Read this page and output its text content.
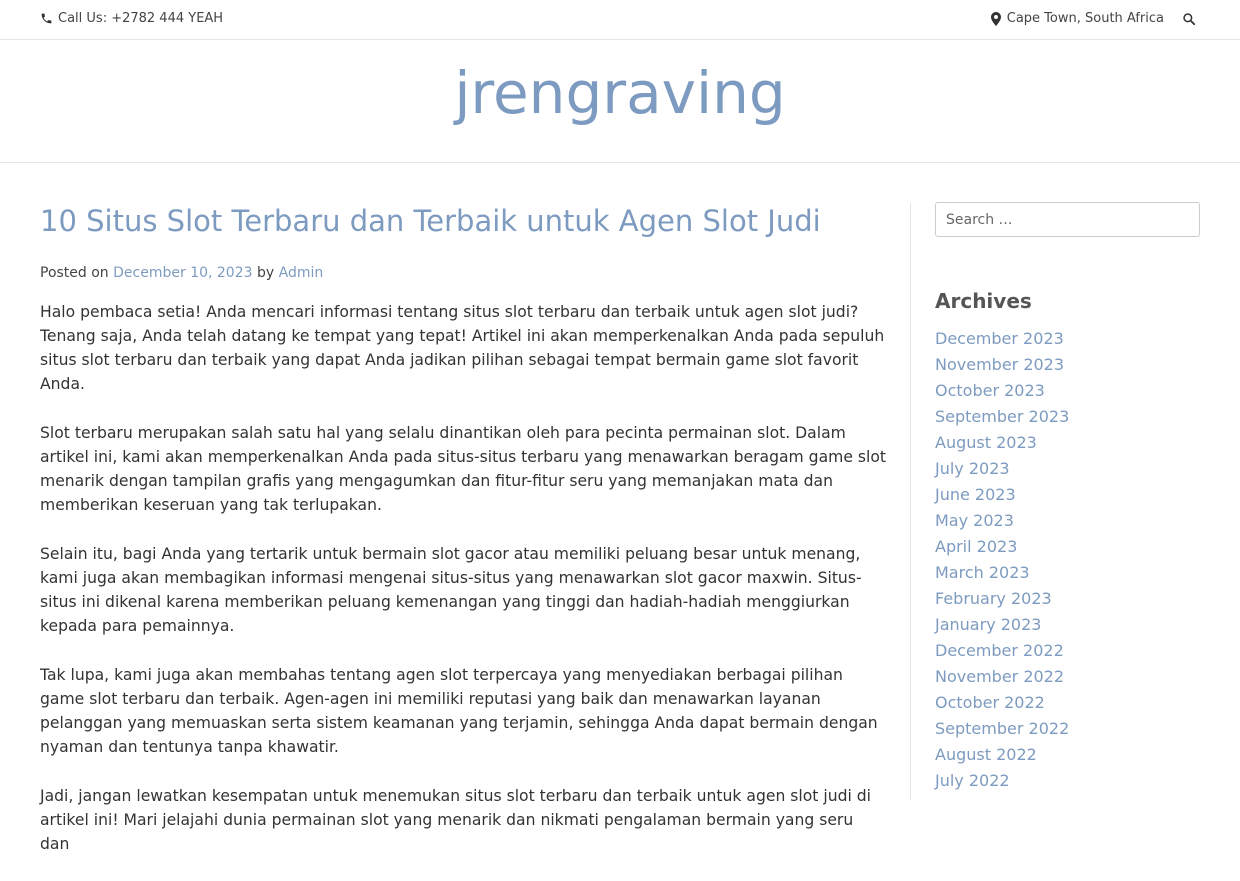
Call Us: +2782 444 YEAH	Cape Town, South Africa
jrengraving
10 Situs Slot Terbaru dan Terbaik untuk Agen Slot Judi
Posted on December 10, 2023 by Admin

Halo pembaca setia! Anda mencari informasi tentang situs slot terbaru dan terbaik untuk agen slot judi? Tenang saja, Anda telah datang ke tempat yang tepat! Artikel ini akan memperkenalkan Anda pada sepuluh situs slot terbaru dan terbaik yang dapat Anda jadikan pilihan sebagai tempat bermain game slot favorit Anda.

Slot terbaru merupakan salah satu hal yang selalu dinantikan oleh para pecinta permainan slot. Dalam artikel ini, kami akan memperkenalkan Anda pada situs-situs terbaru yang menawarkan beragam game slot menarik dengan tampilan grafis yang mengagumkan dan fitur-fitur seru yang memanjakan mata dan memberikan keseruan yang tak terlupakan.

Selain itu, bagi Anda yang tertarik untuk bermain slot gacor atau memiliki peluang besar untuk menang, kami juga akan membagikan informasi mengenai situs-situs yang menawarkan slot gacor maxwin. Situs-situs ini dikenal karena memberikan peluang kemenangan yang tinggi dan hadiah-hadiah menggiurkan kepada para pemainnya.

Tak lupa, kami juga akan membahas tentang agen slot terpercaya yang menyediakan berbagai pilihan game slot terbaru dan terbaik. Agen-agen ini memiliki reputasi yang baik dan menawarkan layanan pelanggan yang memuaskan serta sistem keamanan yang terjamin, sehingga Anda dapat bermain dengan nyaman dan tentunya tanpa khawatir.

Jadi, jangan lewatkan kesempatan untuk menemukan situs slot terbaru dan terbaik untuk agen slot judi di artikel ini! Mari jelajahi dunia permainan slot yang menarik dan nikmati pengalaman bermain yang seru dan

Search …
Archives
December 2023
November 2023
October 2023
September 2023
August 2023
July 2023
June 2023
May 2023
April 2023
March 2023
February 2023
January 2023
December 2022
November 2022
October 2022
September 2022
August 2022
July 2022
